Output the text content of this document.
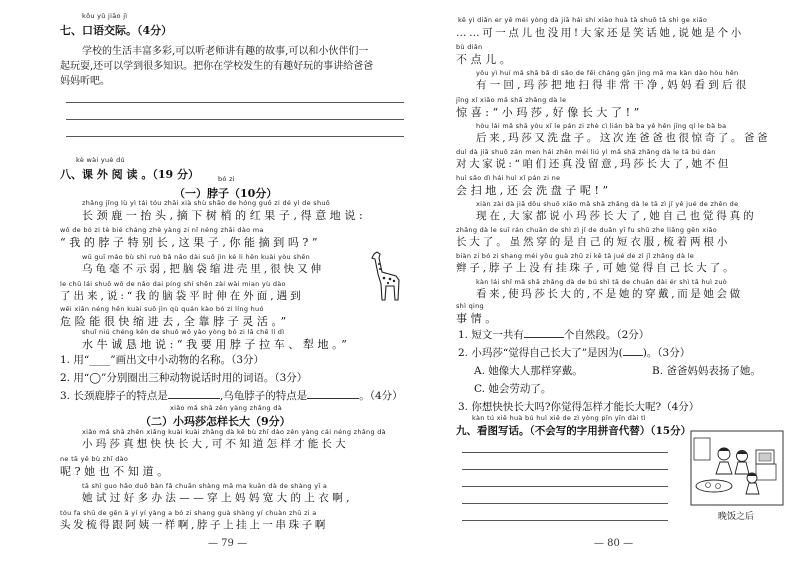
kǒu yǔ jiāo jì
七、口语交际。（4分）
学校的生活丰富多彩,可以听老师讲有趣的故事,可以和小伙伴们一
起玩耍,还可以学到很多知识。把你在学校发生的有趣好玩的事讲给爸爸
妈妈听吧。
kè wài yuè dú
八、课 外 阅 读 。（19 分）	bó zi
（一）脖子（10分）
zhǎng jǐng lù yì tái tóu zhāi xià shù shāo de hóng guǒ zi dé yì de shuō
长颈鹿一抬头,摘下树梢的红果子,得意地说:
wǒ de bó zi tè bié cháng zhè yàng zi nǐ néng zhāi dào ma
“我的脖子特别长,这果子,你能摘到吗?”
wū guī máo bù shì ruò bǎ nǎo dài suō jìn ké li hěn kuài yòu shēn
乌龟毫不示弱,把脑袋缩进壳里,很快又伸
le chū lái shuō wǒ de nǎo dai píng shí shēn zài wài mian yù dào
了出来,说:“我的脑袋平时伸在外面,遇到
wēi xiǎn néng hěn kuài suō jìn qù quán kào bó zi líng huó
危险能很快缩进去,全靠脖子灵活。”
shuǐ niú chéng kěn de shuō wǒ yào yòng bó zi lā chē lí dì
水牛诚恳地说:“我要用脖子拉车、犁地。”
1. 用“____”画出文中小动物的名称。（3分）
2. 用“◯”分别圈出三种动物说话时用的词语。（3分）
3. 长颈鹿脖子的特点是	,乌龟脖子的特点是	。（4分）
xiǎo mǎ shā zěn yàng zhǎng dà
（二）小玛莎怎样长大（9分）
xiǎo mǎ shā zhēn xiǎng kuài kuài zhǎng dà kě bù zhī dào zěn yàng cái néng zhǎng dà
小玛莎真想快快长大,可不知道怎样才能长大
ne tā yě bù zhī dào
呢?她也不知道。
tā shì guo hǎo duō bàn fǎ chuān shàng mā ma kuān dà de shàng yī a
她试过好多办法——穿上妈妈宽大的上衣啊,
tóu fa shū de gēn ā yí yí yàng a bó zi shang guà shàng yí chuàn zhū zi a
头发梳得跟阿姨一样啊,脖子上挂上一串珠子啊
— 79 —
kě yì diǎn er yě méi yòng dà jiā hái shi xiào huà tā shuō tā shì ge xiǎo
……可一点儿也没用!大家还是笑话她,说她是个小
bù diǎn
不点儿。
yǒu yì huí mǎ shā bǎ dì sǎo de fēi cháng gān jìng mā ma kàn dào hòu hěn
有一回,玛莎把地扫得非常干净,妈妈看到后很
jīng xǐ xiǎo mǎ shā zhǎng dà le
惊喜:“小玛莎,好像长大了!”
hòu lái mǎ shā yòu xǐ le pán zi zhè cì lián bà ba yě hěn jīng qí le bà ba
后来,玛莎又洗盘子。这次连爸爸也很惊奇了。爸爸
duì dà jiā shuō zán men hái zhēn méi liú yì mǎ shā zhǎng dà le tā bú dàn
对大家说:“咱们还真没留意,玛莎长大了,她不但
huì sǎo dì hái huì xǐ pán zi ne
会扫地,还会洗盘子呢!”
xiàn zài dà jiā dōu shuō xiǎo mǎ shā zhǎng dà le tā zì jǐ yě jué de zhēn de
现在,大家都说小玛莎长大了,她自己也觉得真的
zhǎng dà le suī rán chuān de shì zì jǐ de duǎn yī fu shū zhe liǎng gēn xiǎo
长大了。虽然穿的是自己的短衣服,梳着两根小
biàn zi bó zi shang méi yǒu guà zhū zi kě tā jué de zì jǐ zhǎng dà le
辫子,脖子上没有挂珠子,可她觉得自己长大了。
kàn lái shǐ mǎ shā zhǎng dà de bú shì tā de chuān dài ér shì tā huì zuò
看来,使玛莎长大的,不是她的穿戴,而是她会做
shì qing
事情。
1. 短文一共有	个自然段。（2分）
2. 小玛莎“觉得自己长大了”是因为( )。（3分）
A. 她像大人那样穿戴。	B. 爸爸妈妈表扬了她。
C. 她会劳动了。
3. 你想快快长大吗?你觉得怎样才能长大呢?（4分）
kàn tú xiě huà bú huì xiě de zì yòng pīn yīn dài tì
九、看图写话。（不会写的字用拼音代替）（15分）
晚饭之后
— 80 —
